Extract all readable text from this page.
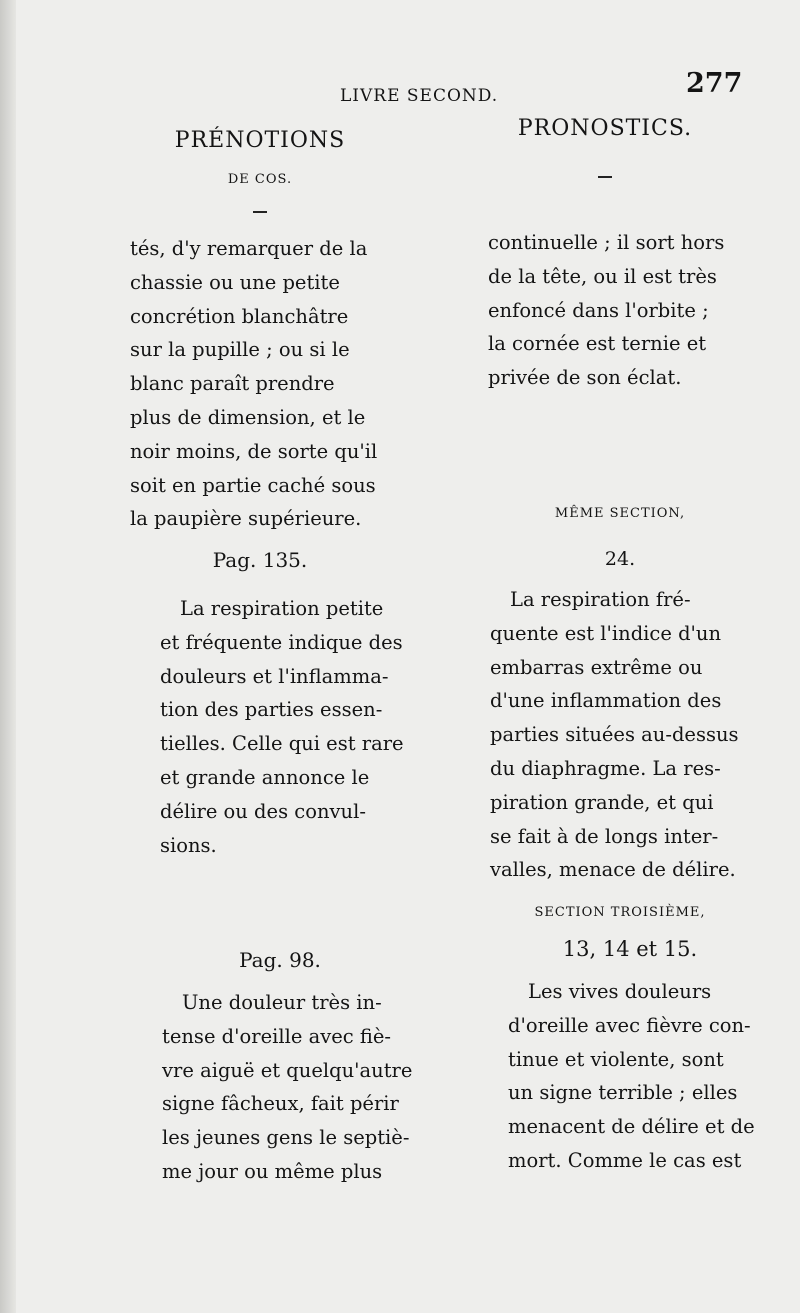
LIVRE SECOND.	277
PRÉNOTIONS
DE COS.
PRONOSTICS.
tés, d'y remarquer de la
chassie ou une petite
concrétion blanchâtre
sur la pupille ; ou si le
blanc paraît prendre
plus de dimension, et le
noir moins, de sorte qu'il
soit en partie caché sous
la paupière supérieure.
Pag. 135.
La respiration petite
et fréquente indique des
douleurs et l'inflamma-
tion des parties essen-
tielles. Celle qui est rare
et grande annonce le
délire ou des convul-
sions.
Pag. 98.
Une douleur très in-
tense d'oreille avec fiè-
vre aiguë et quelqu'autre
signe fâcheux, fait périr
les jeunes gens le septiè-
me jour ou même plus
continuelle ; il sort hors
de la tête, ou il est très
enfoncé dans l'orbite ;
la cornée est ternie et
privée de son éclat.
MÊME SECTION,
24.
La respiration fré-
quente est l'indice d'un
embarras extrême ou
d'une inflammation des
parties situées au-dessus
du diaphragme. La res-
piration grande, et qui
se fait à de longs inter-
valles, menace de délire.
SECTION TROISIÈME,
13, 14 et 15.
Les vives douleurs
d'oreille avec fièvre con-
tinue et violente, sont
un signe terrible ; elles
menacent de délire et de
mort. Comme le cas est
